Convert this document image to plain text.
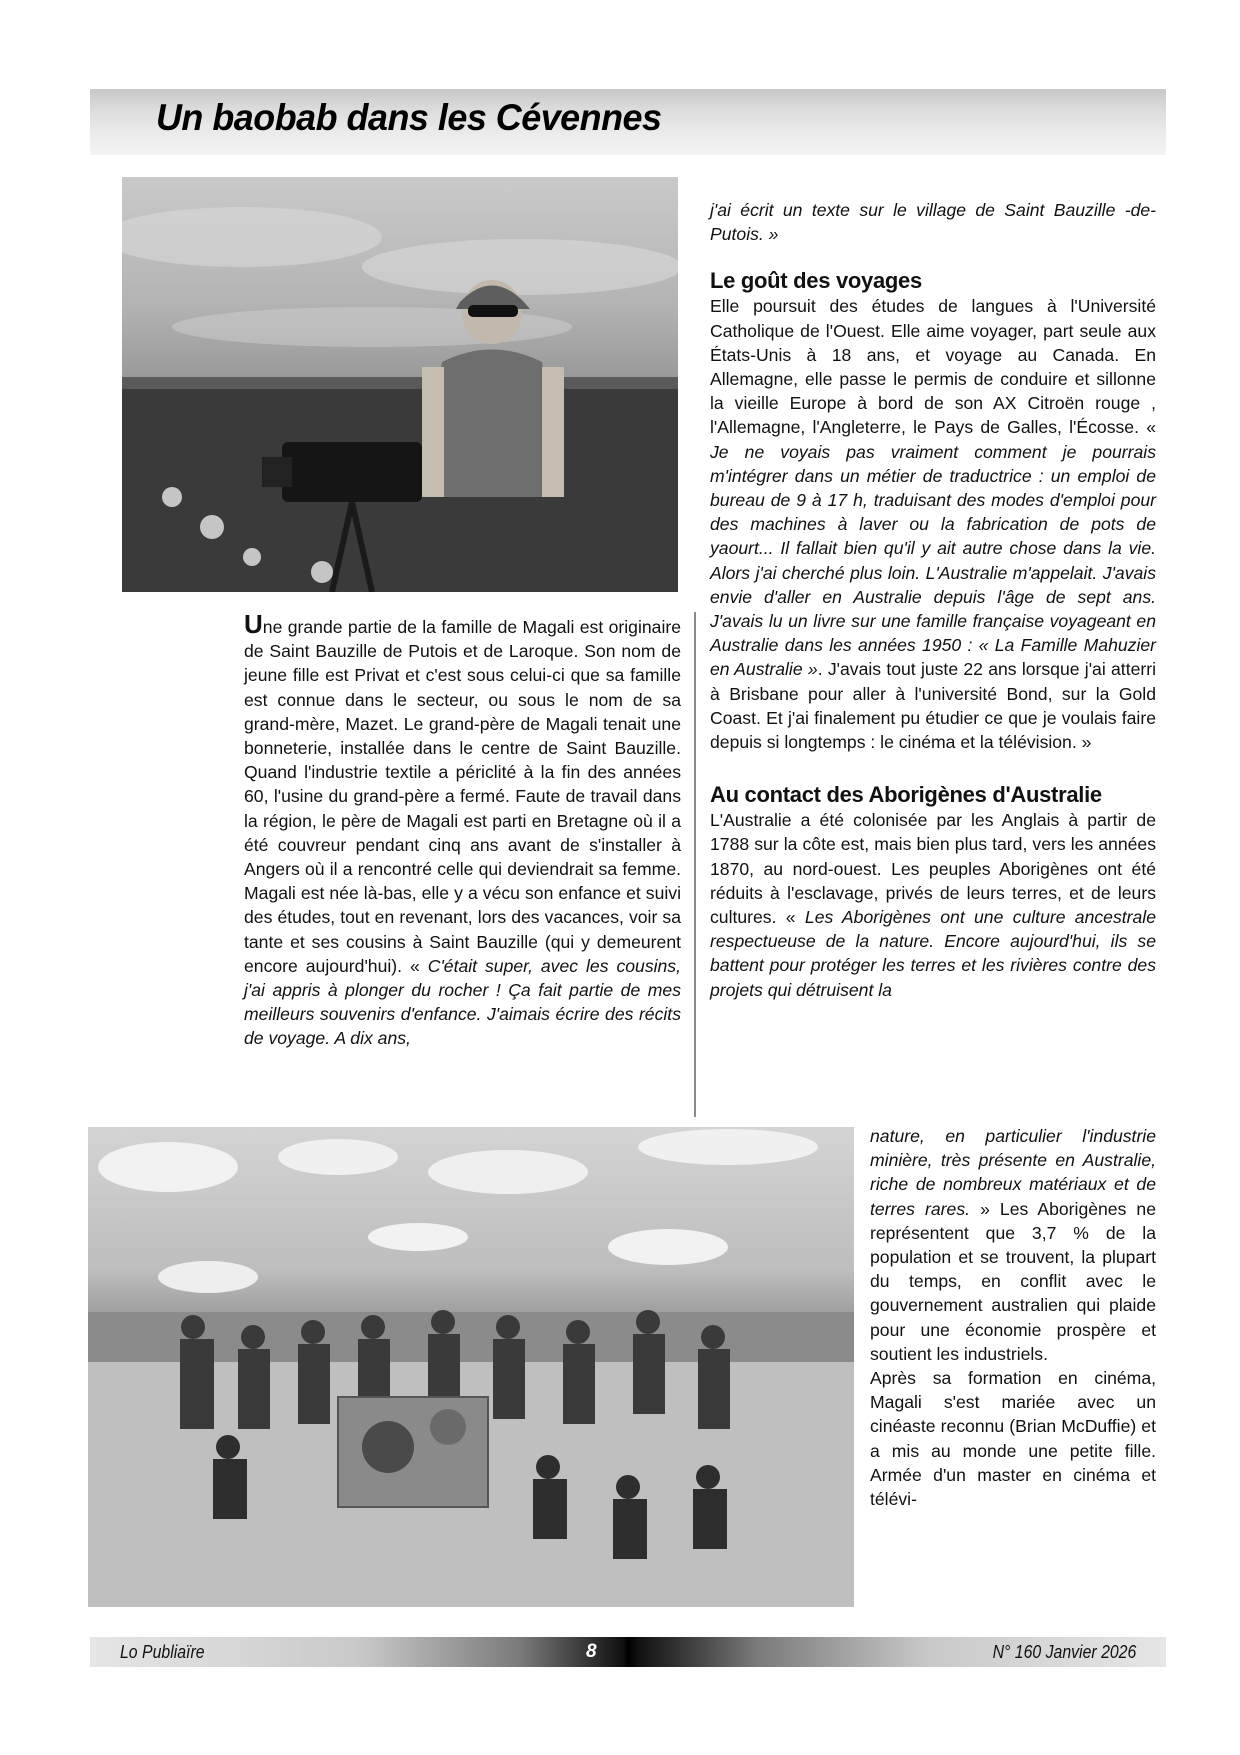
Un baobab dans les Cévennes

Une grande partie de la famille de Magali est originaire de Saint Bauzille de Putois et de Laroque. Son nom de jeune fille est Privat et c'est sous celui-ci que sa famille est connue dans le secteur, ou sous le nom de sa grand-mère, Mazet. Le grand-père de Magali tenait une bonneterie, installée dans le centre de Saint Bauzille. Quand l'industrie textile a périclité à la fin des années 60, l'usine du grand-père a fermé. Faute de travail dans la région, le père de Magali est parti en Bretagne où il a été couvreur pendant cinq ans avant de s'installer à Angers où il a rencontré celle qui deviendrait sa femme. Magali est née là-bas, elle y a vécu son enfance et suivi des études, tout en revenant, lors des vacances, voir sa tante et ses cousins à Saint Bauzille (qui y demeurent encore aujourd'hui). « C'était super, avec les cousins, j'ai appris à plonger du rocher ! Ça fait partie de mes meilleurs souvenirs d'enfance. J'aimais écrire des récits de voyage. A dix ans,

j'ai écrit un texte sur le village de Saint Bauzille -de-Putois. »

Le goût des voyages

Elle poursuit des études de langues à l'Université Catholique de l'Ouest. Elle aime voyager, part seule aux États-Unis à 18 ans, et voyage au Canada. En Allemagne, elle passe le permis de conduire et sillonne la vieille Europe à bord de son AX Citroën rouge , l'Allemagne, l'Angleterre, le Pays de Galles, l'Écosse. « Je ne voyais pas vraiment comment je pourrais m'intégrer dans un métier de traductrice : un emploi de bureau de 9 à 17 h, traduisant des modes d'emploi pour des machines à laver ou la fabrication de pots de yaourt... Il fallait bien qu'il y ait autre chose dans la vie. Alors j'ai cherché plus loin. L'Australie m'appelait. J'avais envie d'aller en Australie depuis l'âge de sept ans. J'avais lu un livre sur une famille française voyageant en Australie dans les années 1950 : « La Famille Mahuzier en Australie ». J'avais tout juste 22 ans lorsque j'ai atterri à Brisbane pour aller à l'université Bond, sur la Gold Coast. Et j'ai finalement pu étudier ce que je voulais faire depuis si longtemps : le cinéma et la télévision. »

Au contact des Aborigènes d'Australie

L'Australie a été colonisée par les Anglais à partir de 1788 sur la côte est, mais bien plus tard, vers les années 1870, au nord-ouest. Les peuples Aborigènes ont été réduits à l'esclavage, privés de leurs terres, et de leurs cultures. « Les Aborigènes ont une culture ancestrale respectueuse de la nature. Encore aujourd'hui, ils se battent pour protéger les terres et les rivières contre des projets qui détruisent la

nature, en particulier l'industrie minière, très présente en Australie, riche de nombreux matériaux et de terres rares. » Les Aborigènes ne représentent que 3,7 % de la population et se trouvent, la plupart du temps, en conflit avec le gouvernement australien qui plaide pour une économie prospère et soutient les industriels.

Après sa formation en cinéma, Magali s'est mariée avec un cinéaste reconnu (Brian McDuffie) et a mis au monde une petite fille. Armée d'un master en cinéma et télévi-

Lo Publiaïre	8	N° 160 Janvier 2026
